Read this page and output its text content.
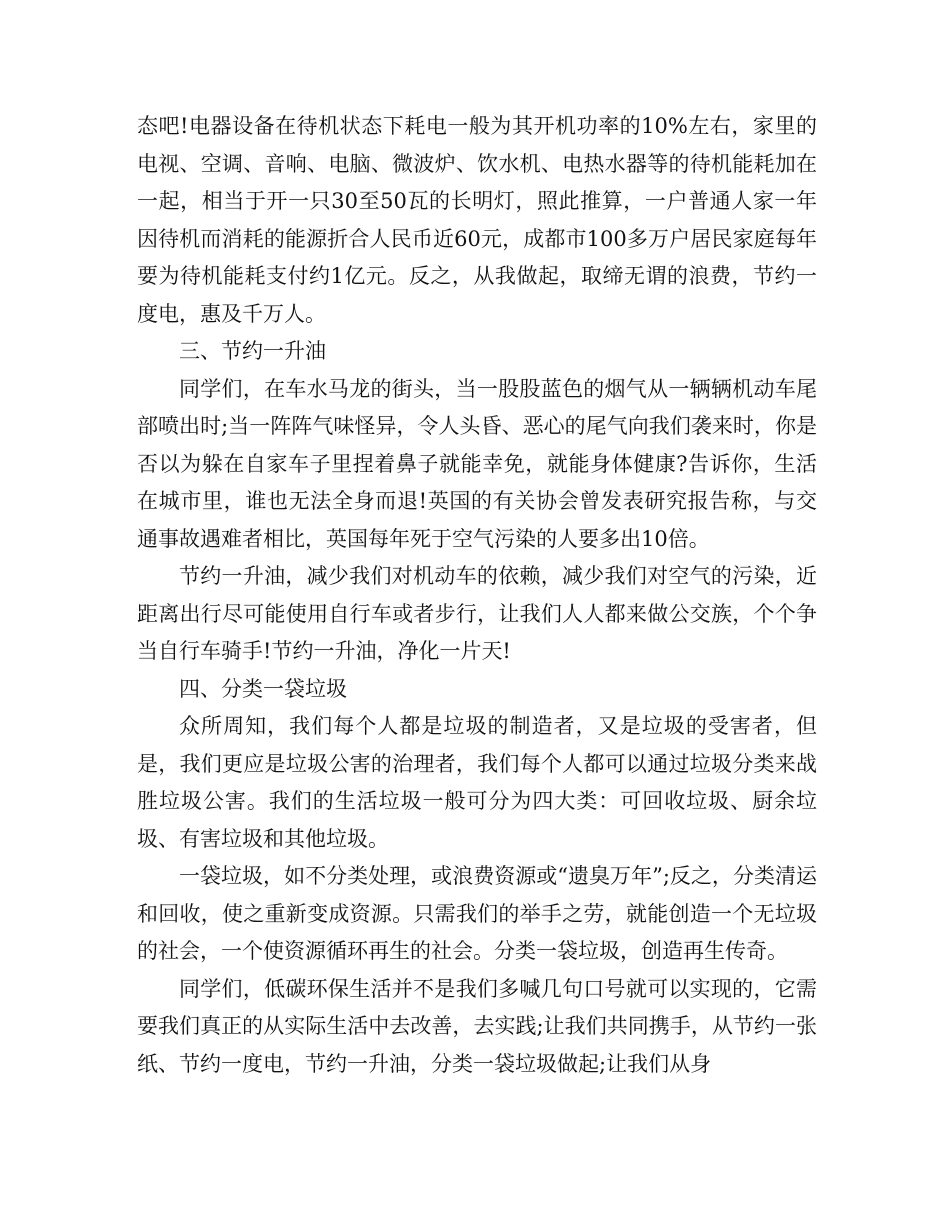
态吧!电器设备在待机状态下耗电一般为其开机功率的10%左右，家里的电视、空调、音响、电脑、微波炉、饮水机、电热水器等的待机能耗加在一起，相当于开一只30至50瓦的长明灯，照此推算，一户普通人家一年因待机而消耗的能源折合人民币近60元，成都市100多万户居民家庭每年要为待机能耗支付约1亿元。反之，从我做起，取缔无谓的浪费，节约一度电，惠及千万人。

三、节约一升油

同学们，在车水马龙的街头，当一股股蓝色的烟气从一辆辆机动车尾部喷出时;当一阵阵气味怪异，令人头昏、恶心的尾气向我们袭来时，你是否以为躲在自家车子里捏着鼻子就能幸免，就能身体健康?告诉你，生活在城市里，谁也无法全身而退!英国的有关协会曾发表研究报告称，与交通事故遇难者相比，英国每年死于空气污染的人要多出10倍。

节约一升油，减少我们对机动车的依赖，减少我们对空气的污染，近距离出行尽可能使用自行车或者步行，让我们人人都来做公交族，个个争当自行车骑手!节约一升油，净化一片天!

四、分类一袋垃圾

众所周知，我们每个人都是垃圾的制造者，又是垃圾的受害者，但是，我们更应是垃圾公害的治理者，我们每个人都可以通过垃圾分类来战胜垃圾公害。我们的生活垃圾一般可分为四大类：可回收垃圾、厨余垃圾、有害垃圾和其他垃圾。

一袋垃圾，如不分类处理，或浪费资源或“遗臭万年”;反之，分类清运和回收，使之重新变成资源。只需我们的举手之劳，就能创造一个无垃圾的社会，一个使资源循环再生的社会。分类一袋垃圾，创造再生传奇。

同学们，低碳环保生活并不是我们多喊几句口号就可以实现的，它需要我们真正的从实际生活中去改善，去实践;让我们共同携手，从节约一张纸、节约一度电，节约一升油，分类一袋垃圾做起;让我们从身
